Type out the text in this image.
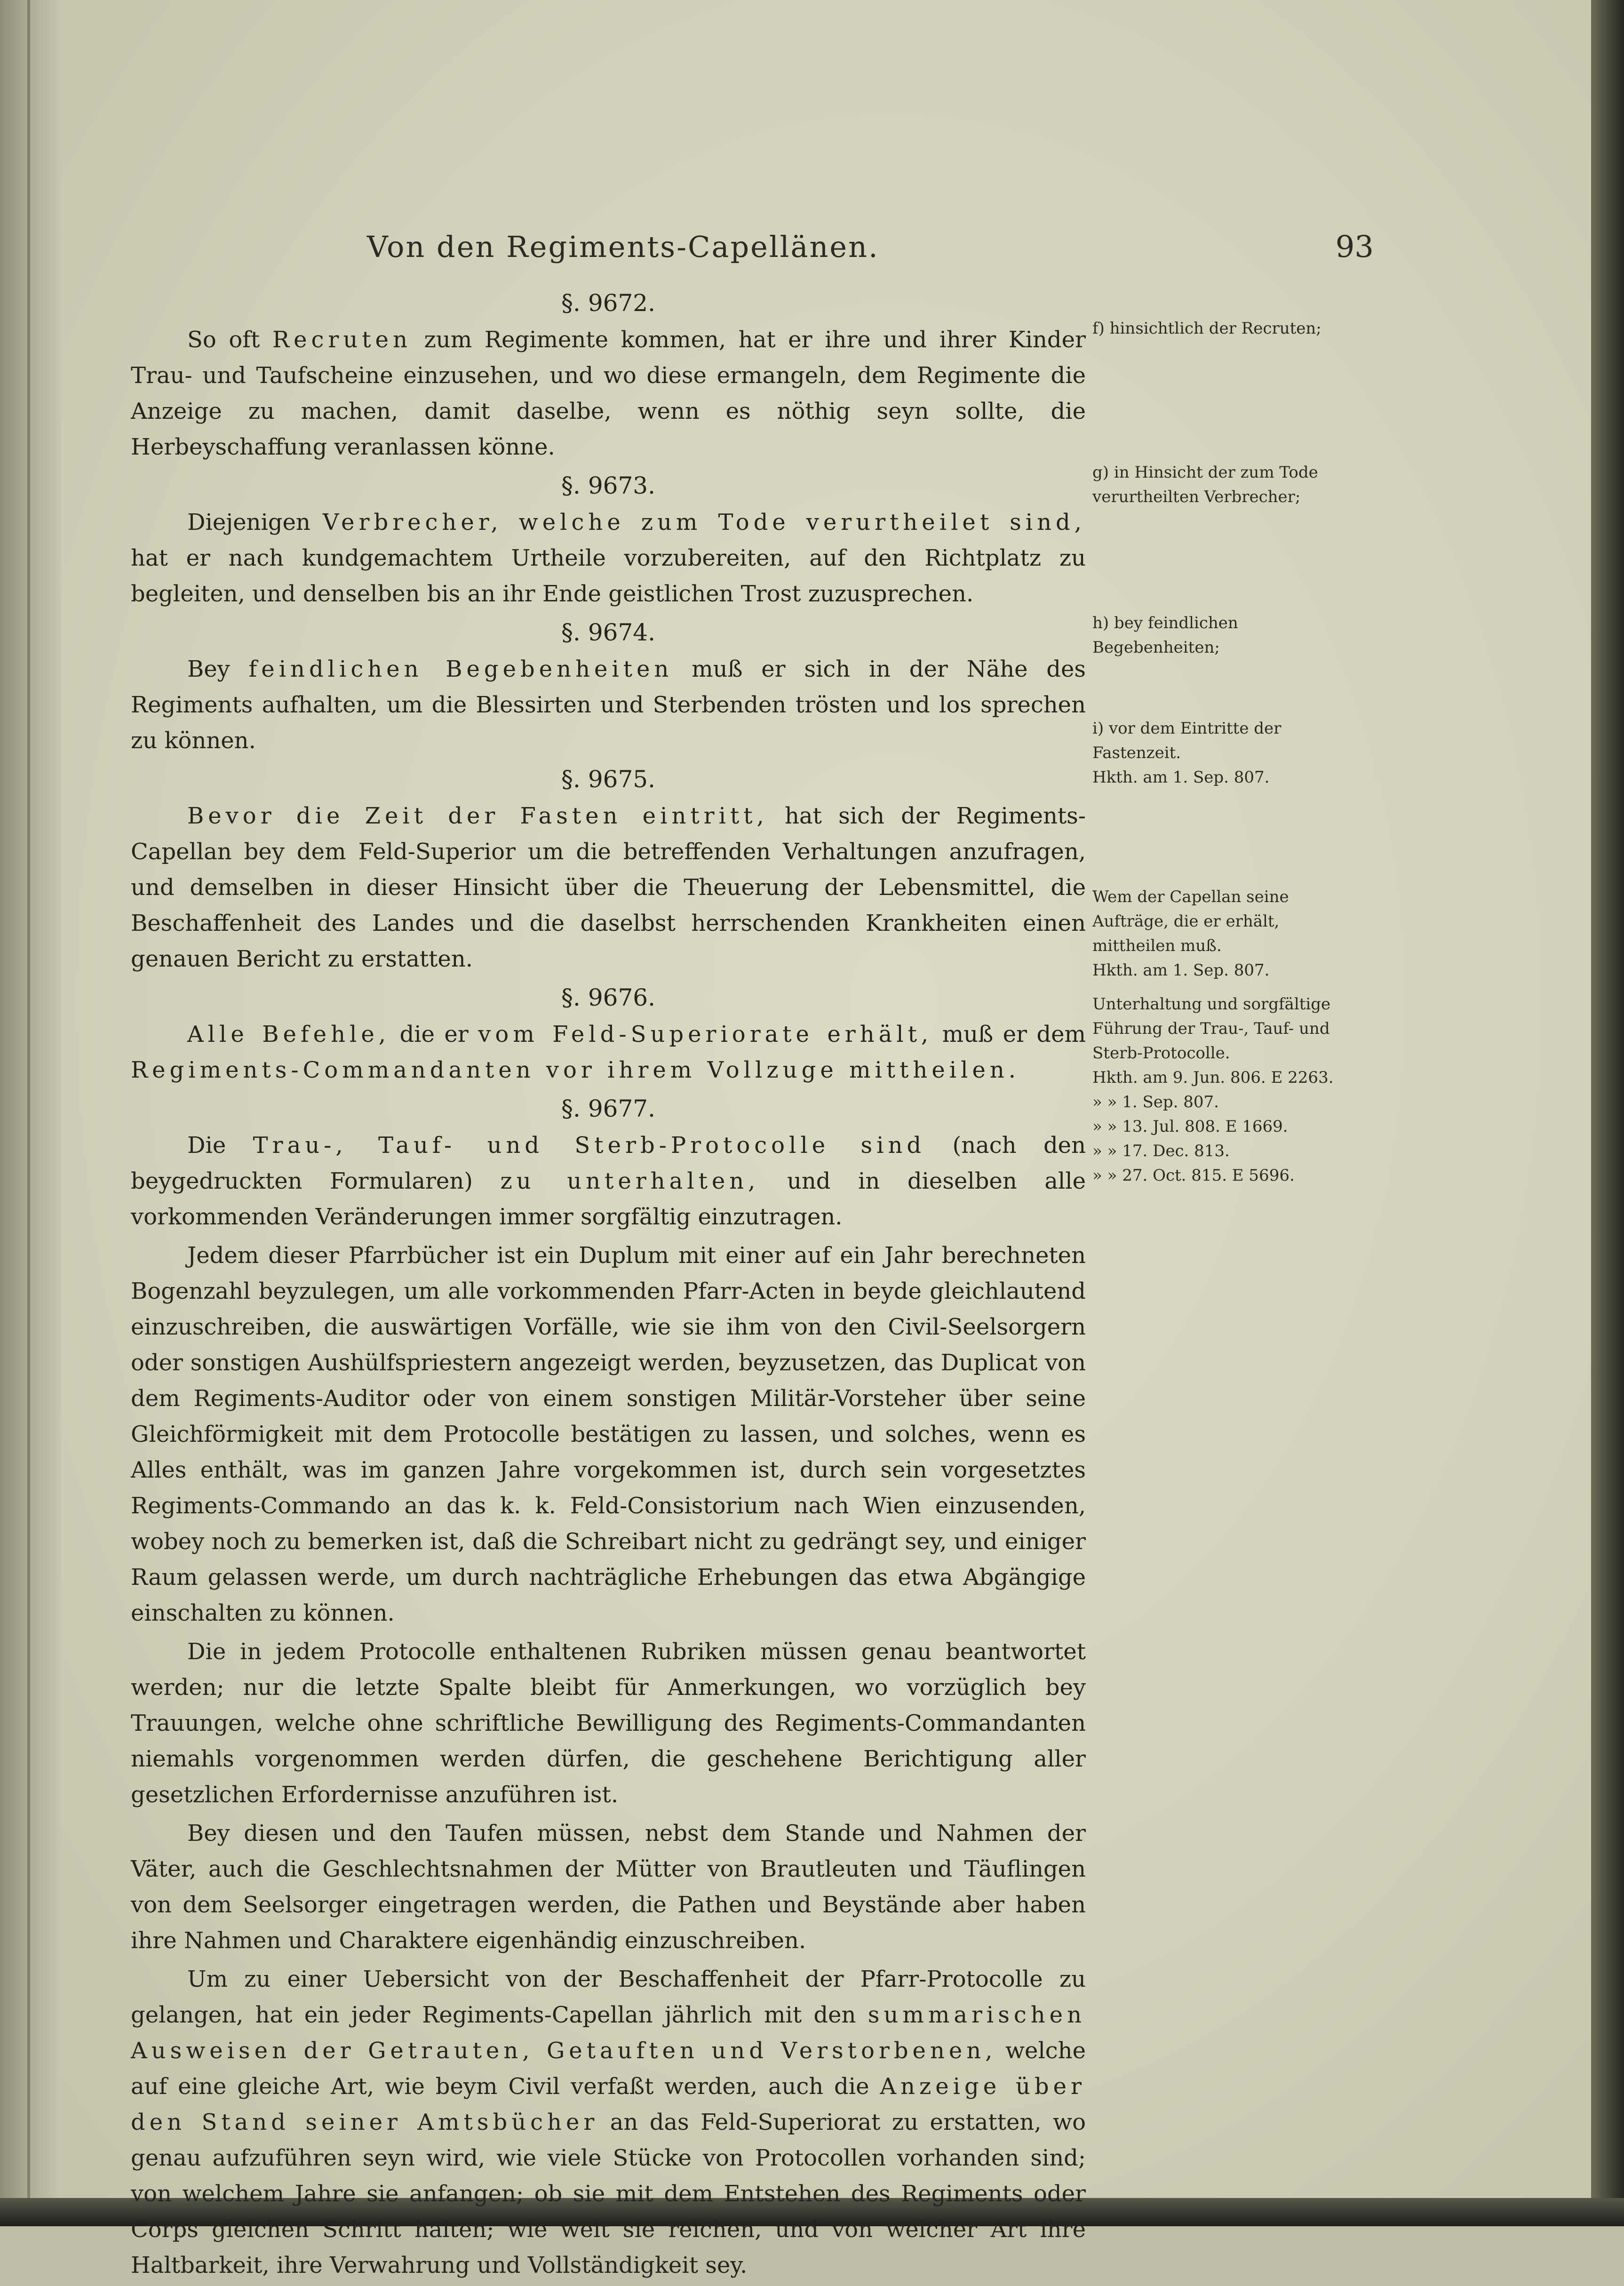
Von den Regiments-Capellänen.	93
§. 9672.

So oft Recruten zum Regimente kommen, hat er ihre und ihrer Kinder Trau- und Taufscheine einzusehen, und wo diese ermangeln, dem Regimente die Anzeige zu machen, damit daselbe, wenn es nöthig seyn sollte, die Herbeyschaffung veranlassen könne.

§. 9673.

Diejenigen Verbrecher, welche zum Tode verurtheilet sind, hat er nach kundgemachtem Urtheile vorzubereiten, auf den Richtplatz zu begleiten, und denselben bis an ihr Ende geistlichen Trost zuzusprechen.

§. 9674.

Bey feindlichen Begebenheiten muß er sich in der Nähe des Regiments aufhalten, um die Blessirten und Sterbenden trösten und los sprechen zu können.

§. 9675.

Bevor die Zeit der Fasten eintritt, hat sich der Regiments-Capellan bey dem Feld-Superior um die betreffenden Verhaltungen anzufragen, und demselben in dieser Hinsicht über die Theuerung der Lebensmittel, die Beschaffenheit des Landes und die daselbst herrschenden Krankheiten einen genauen Bericht zu erstatten.

§. 9676.

Alle Befehle, die er vom Feld-Superiorate erhält, muß er dem Regiments-Commandanten vor ihrem Vollzuge mittheilen.

§. 9677.

Die Trau-, Tauf- und Sterb-Protocolle sind (nach den beygedruckten Formularen) zu unterhalten, und in dieselben alle vorkommenden Veränderungen immer sorgfältig einzutragen.

Jedem dieser Pfarrbücher ist ein Duplum mit einer auf ein Jahr berechneten Bogenzahl beyzulegen, um alle vorkommenden Pfarr-Acten in beyde gleichlautend einzuschreiben, die auswärtigen Vorfälle, wie sie ihm von den Civil-Seelsorgern oder sonstigen Aushülfspriestern angezeigt werden, beyzusetzen, das Duplicat von dem Regiments-Auditor oder von einem sonstigen Militär-Vorsteher über seine Gleichförmigkeit mit dem Protocolle bestätigen zu lassen, und solches, wenn es Alles enthält, was im ganzen Jahre vorgekommen ist, durch sein vorgesetztes Regiments-Commando an das k. k. Feld-Consistorium nach Wien einzusenden, wobey noch zu bemerken ist, daß die Schreibart nicht zu gedrängt sey, und einiger Raum gelassen werde, um durch nachträgliche Erhebungen das etwa Abgängige einschalten zu können.

Die in jedem Protocolle enthaltenen Rubriken müssen genau beantwortet werden; nur die letzte Spalte bleibt für Anmerkungen, wo vorzüglich bey Trauungen, welche ohne schriftliche Bewilligung des Regiments-Commandanten niemahls vorgenommen werden dürfen, die geschehene Berichtigung aller gesetzlichen Erfordernisse anzuführen ist.

Bey diesen und den Taufen müssen, nebst dem Stande und Nahmen der Väter, auch die Geschlechtsnahmen der Mütter von Brautleuten und Täuflingen von dem Seelsorger eingetragen werden, die Pathen und Beystände aber haben ihre Nahmen und Charaktere eigenhändig einzuschreiben.

Um zu einer Uebersicht von der Beschaffenheit der Pfarr-Protocolle zu gelangen, hat ein jeder Regiments-Capellan jährlich mit den summarischen Ausweisen der Getrauten, Getauften und Verstorbenen, welche auf eine gleiche Art, wie beym Civil verfaßt werden, auch die Anzeige über den Stand seiner Amtsbücher an das Feld-Superiorat zu erstatten, wo genau aufzuführen seyn wird, wie viele Stücke von Protocollen vorhanden sind; von welchem Jahre sie anfangen; ob sie mit dem Entstehen des Regiments oder Corps gleichen Schritt halten; wie weit sie reichen, und von welcher Art ihre Haltbarkeit, ihre Verwahrung und Vollständigkeit sey.

f) hinsichtlich der Recruten;
g) in Hinsicht der zum Tode verurtheilten Verbrecher;
h) bey feindlichen Begebenheiten;
i) vor dem Eintritte der Fastenzeit.
Hkth. am 1. Sep. 807.
Wem der Capellan seine Aufträge, die er erhält, mittheilen muß.
Hkth. am 1. Sep. 807.
Unterhaltung und sorgfältige Führung der Trau-, Tauf- und Sterb-Protocolle.
Hkth. am 9. Jun. 806. E 2263.
» » 1. Sep. 807.
» » 13. Jul. 808. E 1669.
» » 17. Dec. 813.
» » 27. Oct. 815. E 5696.
